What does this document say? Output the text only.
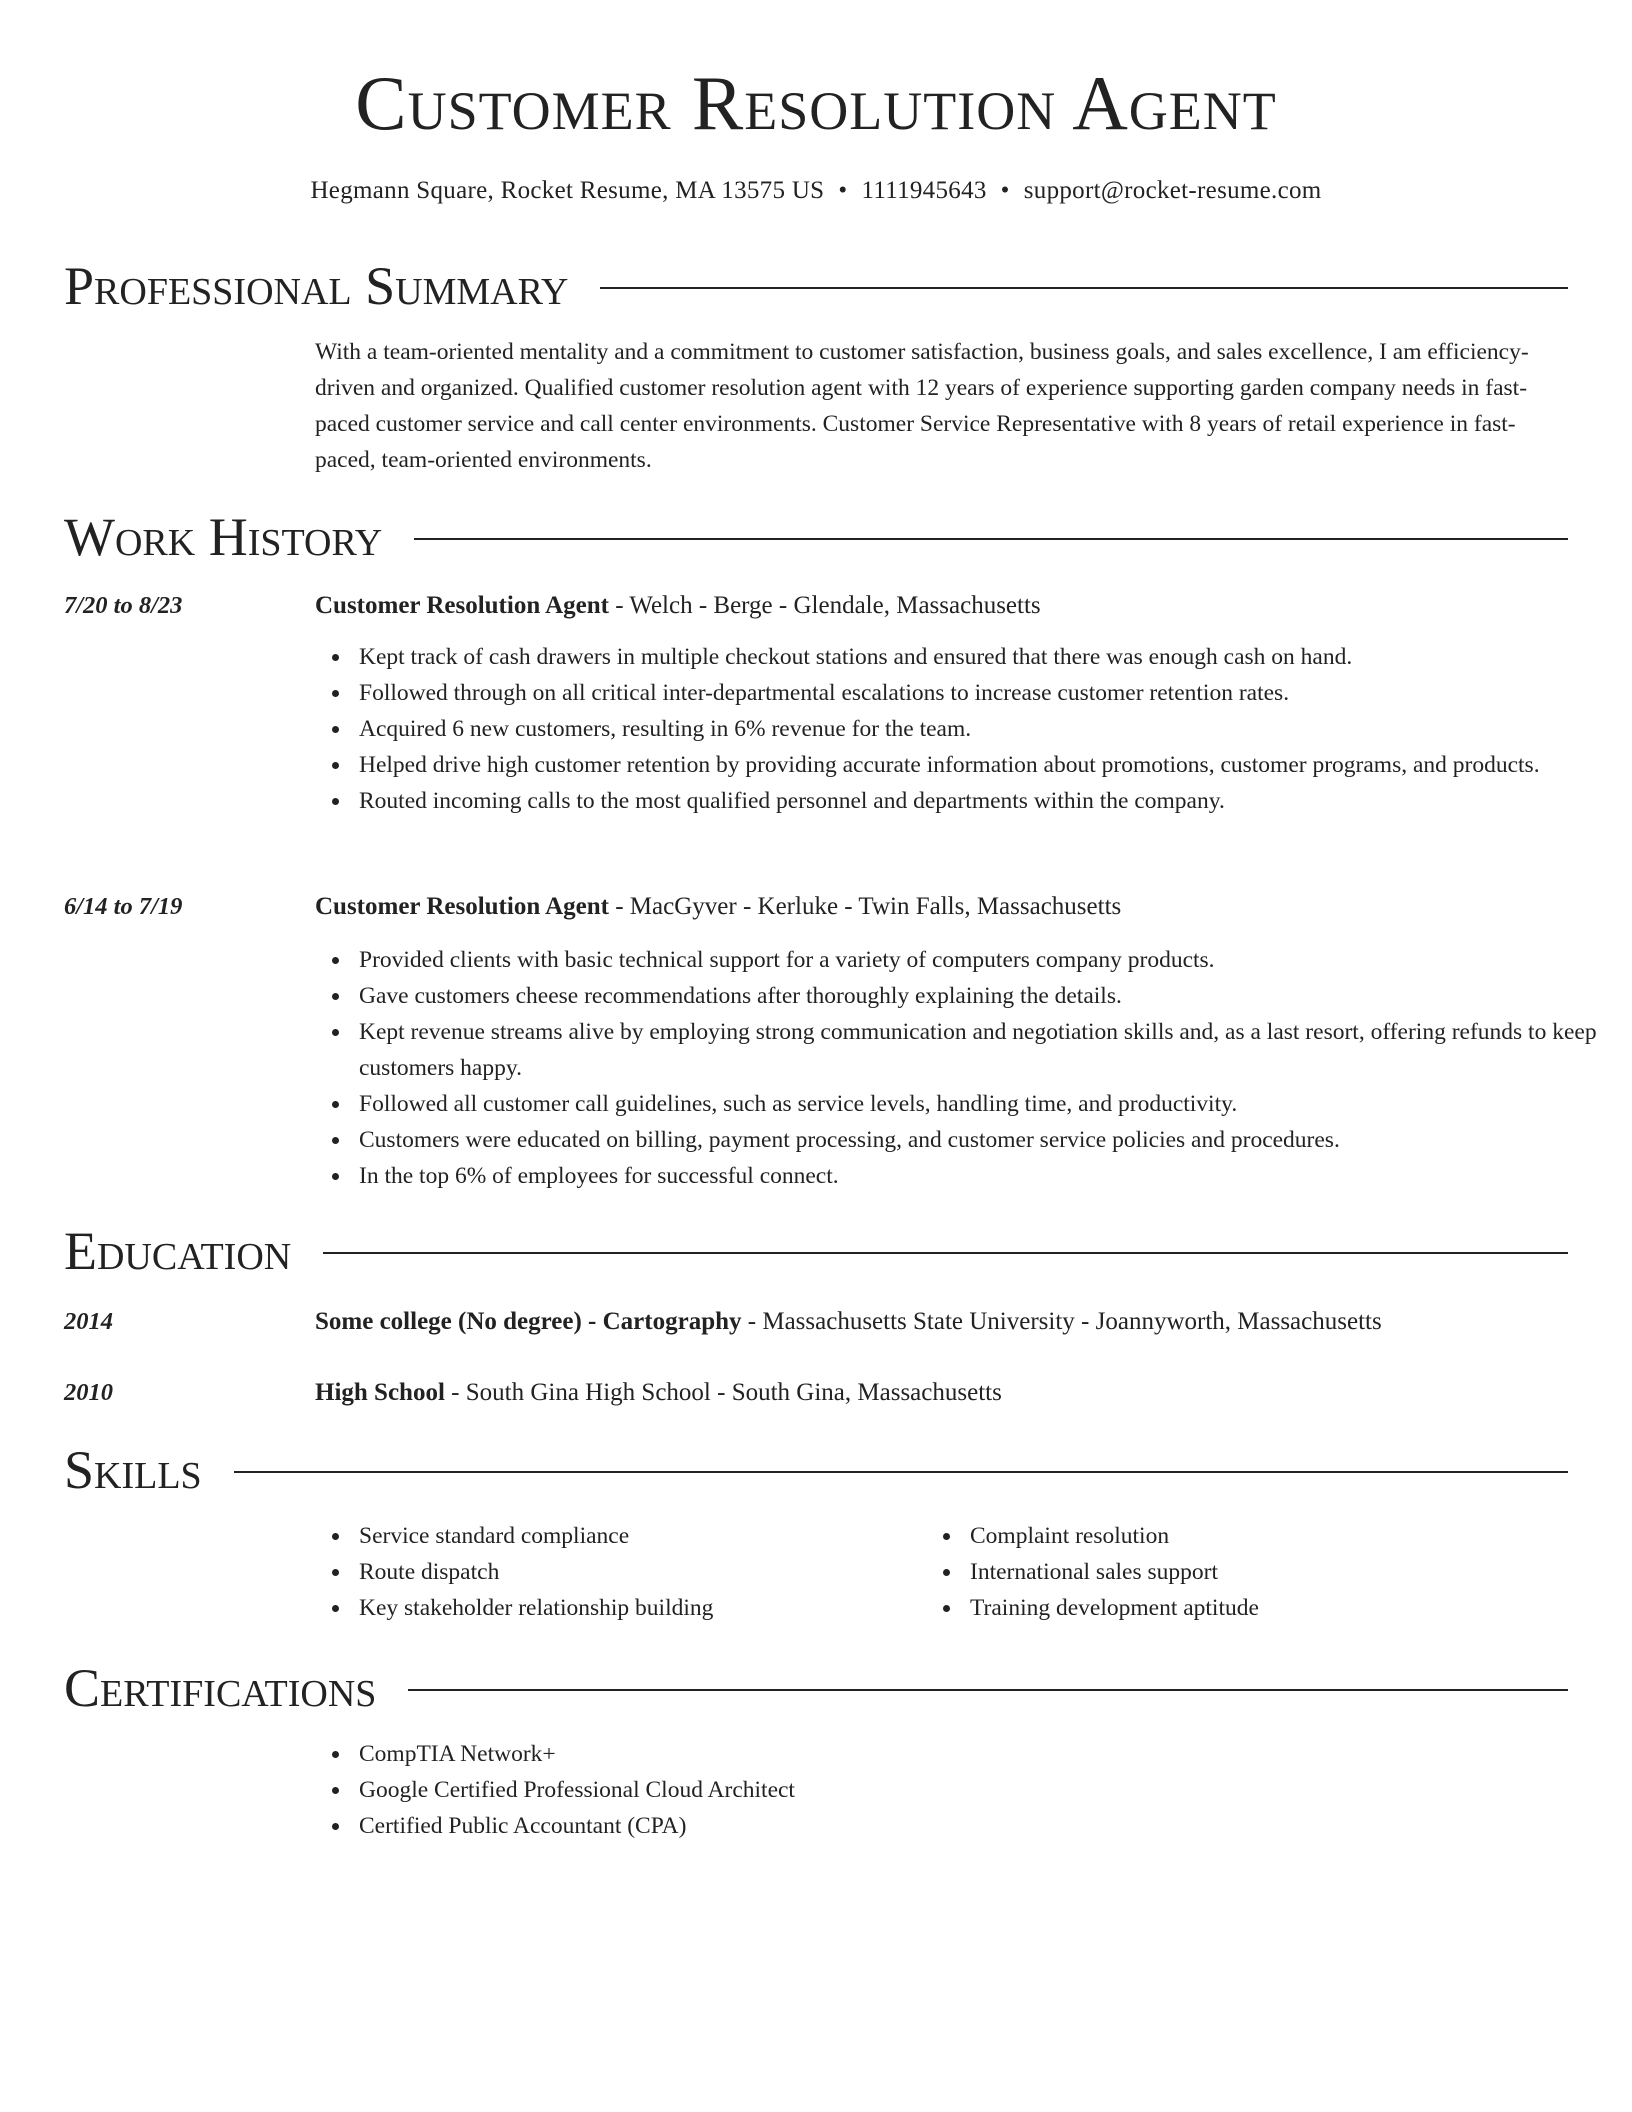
Customer Resolution Agent
Hegmann Square, Rocket Resume, MA 13575 US • 1111945643 • support@rocket-resume.com
Professional Summary

With a team-oriented mentality and a commitment to customer satisfaction, business goals, and sales excellence, I am efficiency-driven and organized. Qualified customer resolution agent with 12 years of experience supporting garden company needs in fast-paced customer service and call center environments. Customer Service Representative with 8 years of retail experience in fast-paced, team-oriented environments.

Work History
7/20 to 8/23	Customer Resolution Agent - Welch - Berge - Glendale, Massachusetts
Kept track of cash drawers in multiple checkout stations and ensured that there was enough cash on hand.
Followed through on all critical inter-departmental escalations to increase customer retention rates.
Acquired 6 new customers, resulting in 6% revenue for the team.
Helped drive high customer retention by providing accurate information about promotions, customer programs, and products.
Routed incoming calls to the most qualified personnel and departments within the company.
6/14 to 7/19	Customer Resolution Agent - MacGyver - Kerluke - Twin Falls, Massachusetts
Provided clients with basic technical support for a variety of computers company products.
Gave customers cheese recommendations after thoroughly explaining the details.
Kept revenue streams alive by employing strong communication and negotiation skills and, as a last resort, offering refunds to keep customers happy.
Followed all customer call guidelines, such as service levels, handling time, and productivity.
Customers were educated on billing, payment processing, and customer service policies and procedures.
In the top 6% of employees for successful connect.
Education
2014	Some college (No degree) - Cartography - Massachusetts State University - Joannyworth, Massachusetts
2010	High School - South Gina High School - South Gina, Massachusetts
Skills
Service standard compliance
Route dispatch
Key stakeholder relationship building
Complaint resolution
International sales support
Training development aptitude
Certifications
CompTIA Network+
Google Certified Professional Cloud Architect
Certified Public Accountant (CPA)
